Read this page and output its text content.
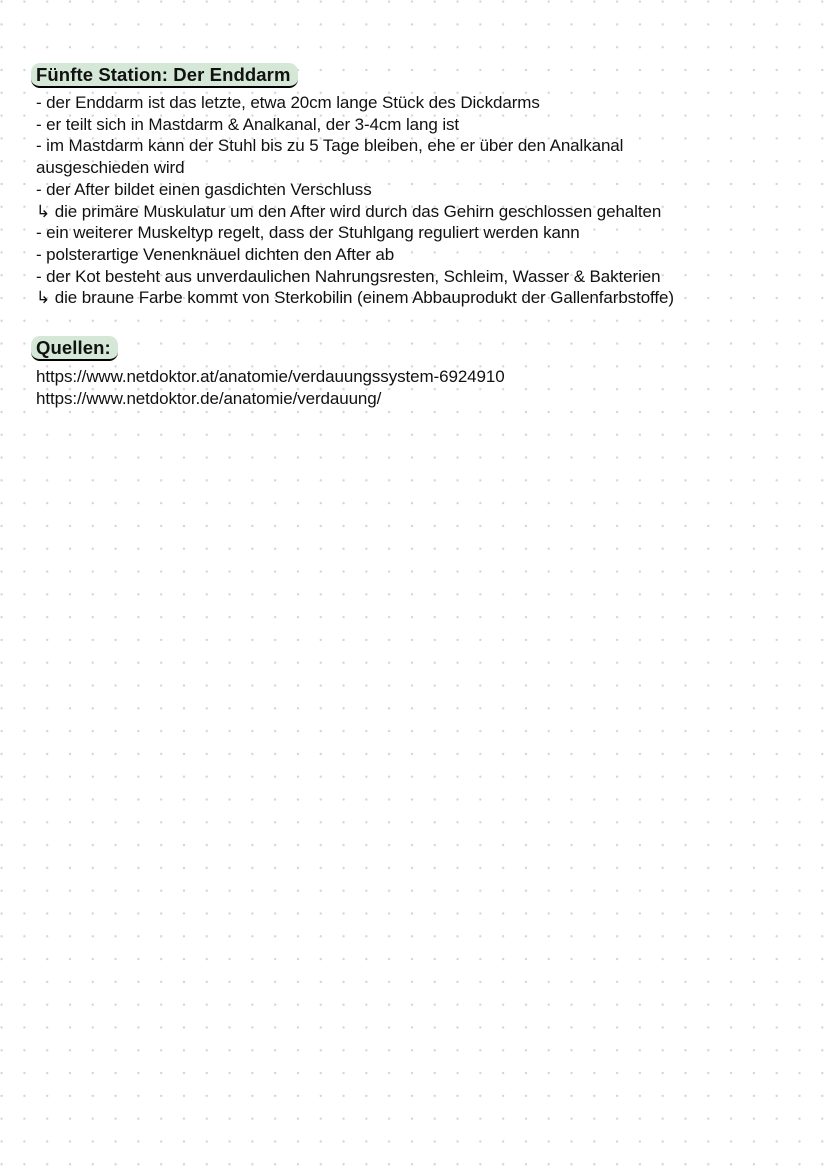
Fünfte Station: Der Enddarm
- der Enddarm ist das letzte, etwa 20cm lange Stück des Dickdarms
- er teilt sich in Mastdarm & Analkanal, der 3-4cm lang ist
- im Mastdarm kann der Stuhl bis zu 5 Tage bleiben, ehe er über den Analkanal
ausgeschieden wird
- der After bildet einen gasdichten Verschluss
↳ die primäre Muskulatur um den After wird durch das Gehirn geschlossen gehalten
- ein weiterer Muskeltyp regelt, dass der Stuhlgang reguliert werden kann
- polsterartige Venenknäuel dichten den After ab
- der Kot besteht aus unverdaulichen Nahrungsresten, Schleim, Wasser & Bakterien
↳ die braune Farbe kommt von Sterkobilin (einem Abbauprodukt der Gallenfarbstoffe)
Quellen:
https://www.netdoktor.at/anatomie/verdauungssystem-6924910
https://www.netdoktor.de/anatomie/verdauung/
